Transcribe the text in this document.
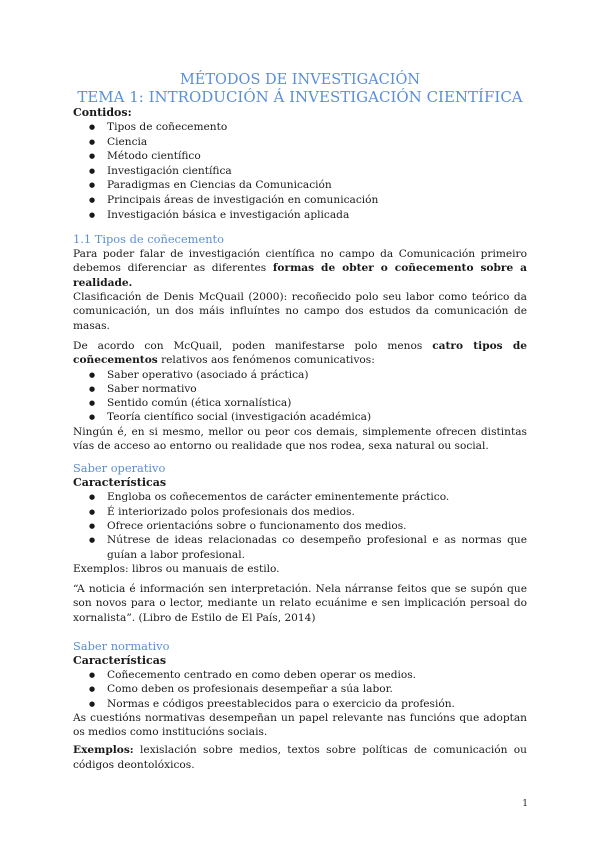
MÉTODOS DE INVESTIGACIÓN
TEMA 1: INTRODUCIÓN Á INVESTIGACIÓN CIENTÍFICA

Contidos:

● Tipos de coñecemento
● Ciencia
● Método científico
● Investigación científica
● Paradigmas en Ciencias da Comunicación
● Principais áreas de investigación en comunicación
● Investigación básica e investigación aplicada

1.1 Tipos de coñecemento

Para poder falar de investigación científica no campo da Comunicación primeiro debemos diferenciar as diferentes formas de obter o coñecemento sobre a realidade.

Clasificación de Denis McQuail (2000): recoñecido polo seu labor como teórico da comunicación, un dos máis influíntes no campo dos estudos da comunicación de masas.

De acordo con McQuail, poden manifestarse polo menos catro tipos de coñecementos relativos aos fenómenos comunicativos:

● Saber operativo (asociado á práctica)
● Saber normativo
● Sentido común (ética xornalística)
● Teoría científico social (investigación académica)

Ningún é, en si mesmo, mellor ou peor cos demais, simplemente ofrecen distintas vías de acceso ao entorno ou realidade que nos rodea, sexa natural ou social.

Saber operativo

Características

● Engloba os coñecementos de carácter eminentemente práctico.
● É interiorizado polos profesionais dos medios.
● Ofrece orientacións sobre o funcionamento dos medios.
● Nútrese de ideas relacionadas co desempeño profesional e as normas que guían a labor profesional.

Exemplos: libros ou manuais de estilo.

“A noticia é información sen interpretación. Nela nárranse feitos que se supón que son novos para o lector, mediante un relato ecuánime e sen implicación persoal do xornalista”. (Libro de Estilo de El País, 2014)

Saber normativo

Características

● Coñecemento centrado en como deben operar os medios.
● Como deben os profesionais desempeñar a súa labor.
● Normas e códigos preestablecidos para o exercicio da profesión.

As cuestións normativas desempeñan un papel relevante nas funcións que adoptan os medios como institucións sociais.

Exemplos: lexislación sobre medios, textos sobre políticas de comunicación ou códigos deontolóxicos.

1
